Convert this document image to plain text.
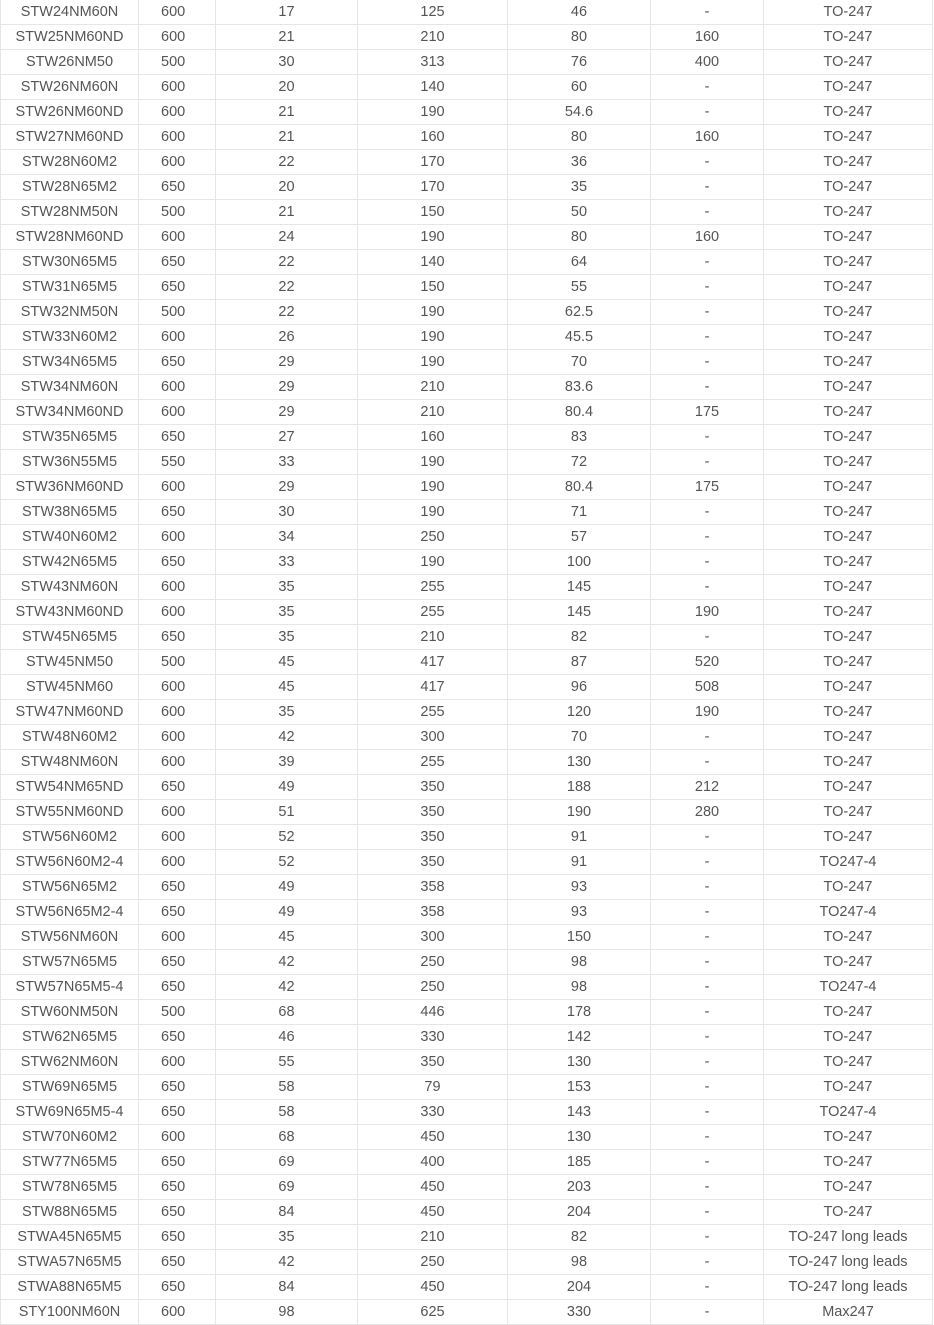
STW24NM60N	600	17	125	46	-	TO-247
STW25NM60ND	600	21	210	80	160	TO-247
STW26NM50	500	30	313	76	400	TO-247
STW26NM60N	600	20	140	60	-	TO-247
STW26NM60ND	600	21	190	54.6	-	TO-247
STW27NM60ND	600	21	160	80	160	TO-247
STW28N60M2	600	22	170	36	-	TO-247
STW28N65M2	650	20	170	35	-	TO-247
STW28NM50N	500	21	150	50	-	TO-247
STW28NM60ND	600	24	190	80	160	TO-247
STW30N65M5	650	22	140	64	-	TO-247
STW31N65M5	650	22	150	55	-	TO-247
STW32NM50N	500	22	190	62.5	-	TO-247
STW33N60M2	600	26	190	45.5	-	TO-247
STW34N65M5	650	29	190	70	-	TO-247
STW34NM60N	600	29	210	83.6	-	TO-247
STW34NM60ND	600	29	210	80.4	175	TO-247
STW35N65M5	650	27	160	83	-	TO-247
STW36N55M5	550	33	190	72	-	TO-247
STW36NM60ND	600	29	190	80.4	175	TO-247
STW38N65M5	650	30	190	71	-	TO-247
STW40N60M2	600	34	250	57	-	TO-247
STW42N65M5	650	33	190	100	-	TO-247
STW43NM60N	600	35	255	145	-	TO-247
STW43NM60ND	600	35	255	145	190	TO-247
STW45N65M5	650	35	210	82	-	TO-247
STW45NM50	500	45	417	87	520	TO-247
STW45NM60	600	45	417	96	508	TO-247
STW47NM60ND	600	35	255	120	190	TO-247
STW48N60M2	600	42	300	70	-	TO-247
STW48NM60N	600	39	255	130	-	TO-247
STW54NM65ND	650	49	350	188	212	TO-247
STW55NM60ND	600	51	350	190	280	TO-247
STW56N60M2	600	52	350	91	-	TO-247
STW56N60M2-4	600	52	350	91	-	TO247-4
STW56N65M2	650	49	358	93	-	TO-247
STW56N65M2-4	650	49	358	93	-	TO247-4
STW56NM60N	600	45	300	150	-	TO-247
STW57N65M5	650	42	250	98	-	TO-247
STW57N65M5-4	650	42	250	98	-	TO247-4
STW60NM50N	500	68	446	178	-	TO-247
STW62N65M5	650	46	330	142	-	TO-247
STW62NM60N	600	55	350	130	-	TO-247
STW69N65M5	650	58	79	153	-	TO-247
STW69N65M5-4	650	58	330	143	-	TO247-4
STW70N60M2	600	68	450	130	-	TO-247
STW77N65M5	650	69	400	185	-	TO-247
STW78N65M5	650	69	450	203	-	TO-247
STW88N65M5	650	84	450	204	-	TO-247
STWA45N65M5	650	35	210	82	-	TO-247 long leads
STWA57N65M5	650	42	250	98	-	TO-247 long leads
STWA88N65M5	650	84	450	204	-	TO-247 long leads
STY100NM60N	600	98	625	330	-	Max247
